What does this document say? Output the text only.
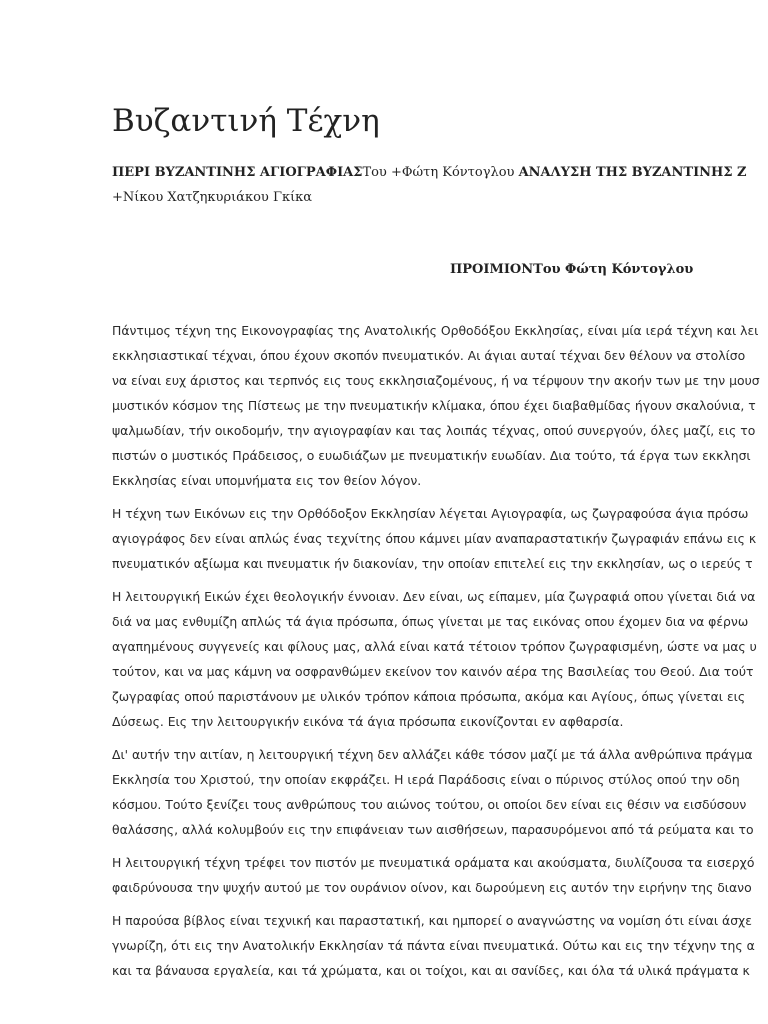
Βυζαντινή Τέχνη
ΠΕΡΙ ΒΥΖΑΝΤΙΝΗΣ ΑΓΙΟΓΡΑΦΙΑΣΤου +Φώτη Κόντογλου ΑΝΑΛΥΣΗ ΤΗΣ ΒΥΖΑΝΤΙΝΗΣ Ζ
+Νίκου Χατζηκυριάκου Γκίκα
ΠΡΟΙΜΙΟΝΤου Φώτη Κόντογλου
Πάντιμος τέχνη της Εικονογραφίας της Ανατολικής Ορθοδόξου Εκκλησίας, είναι μία ιερά τέχνη και λει
εκκλησιαστικαί τέχναι, όπου έχουν σκοπόν πνευματικόν. Αι άγιαι αυταί τέχναι δεν θέλουν να στολίσο
να είναι ευχ άριστος και τερπνός εις τους εκκλησιαζομένους, ή να τέρψουν την ακοήν των με την μουσ
μυστικόν κόσμον της Πίστεως με την πνευματικήν κλίμακα, όπου έχει διαβαθμίδας ήγουν σκαλούνια, τ
ψαλμωδίαν, τήν οικοδομήν, την αγιογραφίαν και τας λοιπάς τέχνας, οπού συνεργούν, όλες μαζί, εις το
πιστών ο μυστικός Πράδεισος, ο ευωδιάζων με πνευματικήν ευωδίαν. Δια τούτο, τά έργα των εκκλησι
Εκκλησίας είναι υπομνήματα εις τον θείον λόγον.
Η τέχνη των Εικόνων εις την Ορθόδοξον Εκκλησίαν λέγεται Αγιογραφία, ως ζωγραφούσα άγια πρόσω
αγιογράφος δεν είναι απλώς ένας τεχνίτης όπου κάμνει μίαν αναπαραστατικήν ζωγραφιάν επάνω εις κ
πνευματικόν αξίωμα και πνευματικ ήν διακονίαν, την οποίαν επιτελεί εις την εκκλησίαν, ως ο ιερεύς τ
Η λειτουργική Εικών έχει θεολογικήν έννοιαν. Δεν είναι, ως είπαμεν, μία ζωγραφιά οπου γίνεται διά να
διά να μας ενθυμίζη απλώς τά άγια πρόσωπα, όπως γίνεται με τας εικόνας οπου έχομεν δια να φέρνω
αγαπημένους συγγενείς και φίλους μας, αλλά είναι κατά τέτοιον τρόπον ζωγραφισμένη, ώστε να μας υ
τούτον, και να μας κάμνη να οσφρανθώμεν εκείνον τον καινόν αέρα της Βασιλείας του Θεού. Δια τούτ
ζωγραφίας οπού παριστάνουν με υλικόν τρόπον κάποια πρόσωπα, ακόμα και Αγίους, όπως γίνεται εις
Δύσεως. Εις την λειτουργικήν εικόνα τά άγια πρόσωπα εικονίζονται εν αφθαρσία.
Δι' αυτήν την αιτίαν, η λειτουργική τέχνη δεν αλλάζει κάθε τόσον μαζί με τά άλλα ανθρώπινα πράγμα
Εκκλησία του Χριστού, την οποίαν εκφράζει. Η ιερά Παράδοσις είναι ο πύρινος στύλος οπού την οδη
κόσμου. Τούτο ξενίζει τους ανθρώπους του αιώνος τούτου, οι οποίοι δεν είναι εις θέσιν να εισδύσουν
θαλάσσης, αλλά κολυμβούν εις την επιφάνειαν των αισθήσεων, παρασυρόμενοι από τά ρεύματα και το
Η λειτουργική τέχνη τρέφει τον πιστόν με πνευματικά οράματα και ακούσματα, διυλίζουσα τα εισερχό
φαιδρύνουσα την ψυχήν αυτού με τον ουράνιον οίνον, και δωρούμενη εις αυτόν την ειρήνην της διανο
Η παρούσα βίβλος είναι τεχνική και παραστατική, και ημπορεί ο αναγνώστης να νομίση ότι είναι άσχε
γνωρίζη, ότι εις την Ανατολικήν Εκκλησίαν τά πάντα είναι πνευματικά. Ούτω και εις την τέχνην της α
και τα βάναυσα εργαλεία, και τά χρώματα, και οι τοίχοι, και αι σανίδες, και όλα τά υλικά πράγματα κ
